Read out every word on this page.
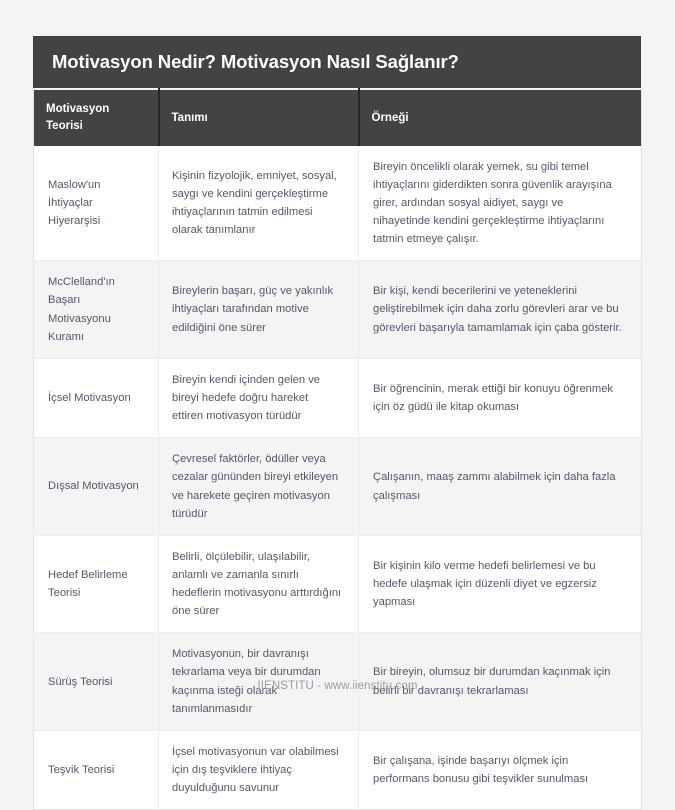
Motivasyon Nedir? Motivasyon Nasıl Sağlanır?
Motivasyon Teorisi	Tanımı	Örneği
Maslow'un İhtiyaçlar Hiyerarşisi	Kişinin fizyolojik, emniyet, sosyal, saygı ve kendini gerçekleştirme ihtiyaçlarının tatmin edilmesi olarak tanımlanır	Bireyin öncelikli olarak yemek, su gibi temel ihtiyaçlarını giderdikten sonra güvenlik arayışına girer, ardından sosyal aidiyet, saygı ve nihayetinde kendini gerçekleştirme ihtiyaçlarını tatmin etmeye çalışır.
McClelland'ın Başarı Motivasyonu Kuramı	Bireylerin başarı, güç ve yakınlık ihtiyaçları tarafından motive edildiğini öne sürer	Bir kişi, kendi becerilerini ve yeteneklerini geliştirebilmek için daha zorlu görevleri arar ve bu görevleri başarıyla tamamlamak için çaba gösterir.
İçsel Motivasyon	Bireyin kendi içinden gelen ve bireyi hedefe doğru hareket ettiren motivasyon türüdür	Bir öğrencinin, merak ettiği bir konuyu öğrenmek için öz güdü ile kitap okuması
Dışsal Motivasyon	Çevresel faktörler, ödüller veya cezalar gününden bireyi etkileyen ve harekete geçiren motivasyon türüdür	Çalışanın, maaş zammı alabilmek için daha fazla çalışması
Hedef Belirleme Teorisi	Belirli, ölçülebilir, ulaşılabilir, anlamlı ve zamanla sınırlı hedeflerin motivasyonu arttırdığını öne sürer	Bir kişinin kilo verme hedefi belirlemesi ve bu hedefe ulaşmak için düzenli diyet ve egzersiz yapması
Sürüş Teorisi	Motivasyonun, bir davranışı tekrarlama veya bir durumdan kaçınma isteği olarak tanımlanmasıdır	Bir bireyin, olumsuz bir durumdan kaçınmak için belirli bir davranışı tekrarlaması
Teşvik Teorisi	İçsel motivasyonun var olabilmesi için dış teşviklere ihtiyaç duyulduğunu savunur	Bir çalışana, işinde başarıyı ölçmek için performans bonusu gibi teşvikler sunulması
IIENSTITU - www.iienstitu.com
